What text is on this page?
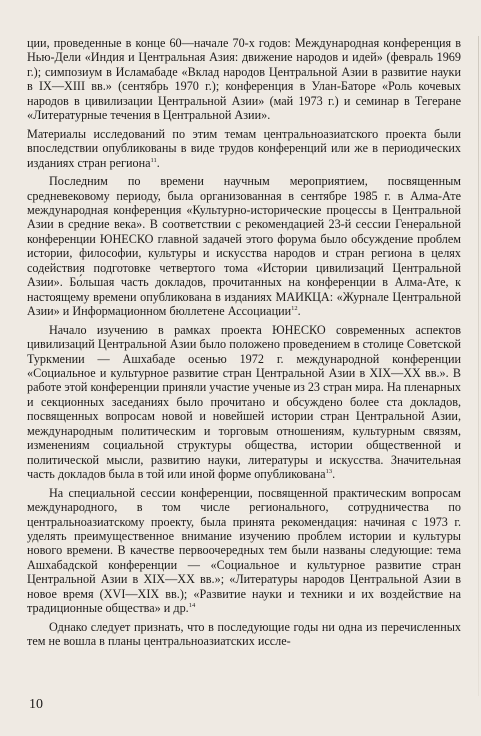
ции, проведенные в конце 60—начале 70-х годов: Международная конференция в Нью-Дели «Индия и Центральная Азия: движение народов и идей» (февраль 1969 г.); симпозиум в Исламабаде «Вклад народов Центральной Азии в развитие науки в IX—XIII вв.» (сентябрь 1970 г.); конференция в Улан-Баторе «Роль кочевых народов в цивилизации Центральной Азии» (май 1973 г.) и семинар в Тегеране «Литературные течения в Центральной Азии».

Материалы исследований по этим темам центральноазиатского проекта были впоследствии опубликованы в виде трудов конференций или же в периодических изданиях стран региона$^{11}$.

Последним по времени научным мероприятием, посвященным средневековому периоду, была организованная в сентябре 1985 г. в Алма-Ате международная конференция «Культурно-исторические процессы в Центральной Азии в средние века». В соответствии с рекомендацией 23-й сессии Генеральной конференции ЮНЕСКО главной задачей этого форума было обсуждение проблем истории, философии, культуры и искусства народов и стран региона в целях содействия подготовке четвертого тома «Истории цивилизаций Центральной Азии». Бо́льшая часть докладов, прочитанных на конференции в Алма-Ате, к настоящему времени опубликована в изданиях МАИКЦА: «Журнале Центральной Азии» и Информационном бюллетене Ассоциации$^{12}$.

Начало изучению в рамках проекта ЮНЕСКО современных аспектов цивилизаций Центральной Азии было положено проведением в столице Советской Туркмении — Ашхабаде осенью 1972 г. международной конференции «Социальное и культурное развитие стран Центральной Азии в XIX—XX вв.». В работе этой конференции приняли участие ученые из 23 стран мира. На пленарных и секционных заседаниях было прочитано и обсуждено более ста докладов, посвященных вопросам новой и новейшей истории стран Центральной Азии, международным политическим и торговым отношениям, культурным связям, изменениям социальной структуры общества, истории общественной и политической мысли, развитию науки, литературы и искусства. Значительная часть докладов была в той или иной форме опубликована$^{13}$.

На специальной сессии конференции, посвященной практическим вопросам международного, в том числе регионального, сотрудничества по центральноазиатскому проекту, была принята рекомендация: начиная с 1973 г. уделять преимущественное внимание изучению проблем истории и культуры нового времени. В качестве первоочередных тем были названы следующие: тема Ашхабадской конференции — «Социальное и культурное развитие стран Центральной Азии в XIX—XX вв.»; «Литературы народов Центральной Азии в новое время (XVI—XIX вв.); «Развитие науки и техники и их воздействие на традиционные общества» и др.$^{14}$

Однако следует признать, что в последующие годы ни одна из перечисленных тем не вошла в планы центральноазиатских иссле-

10
